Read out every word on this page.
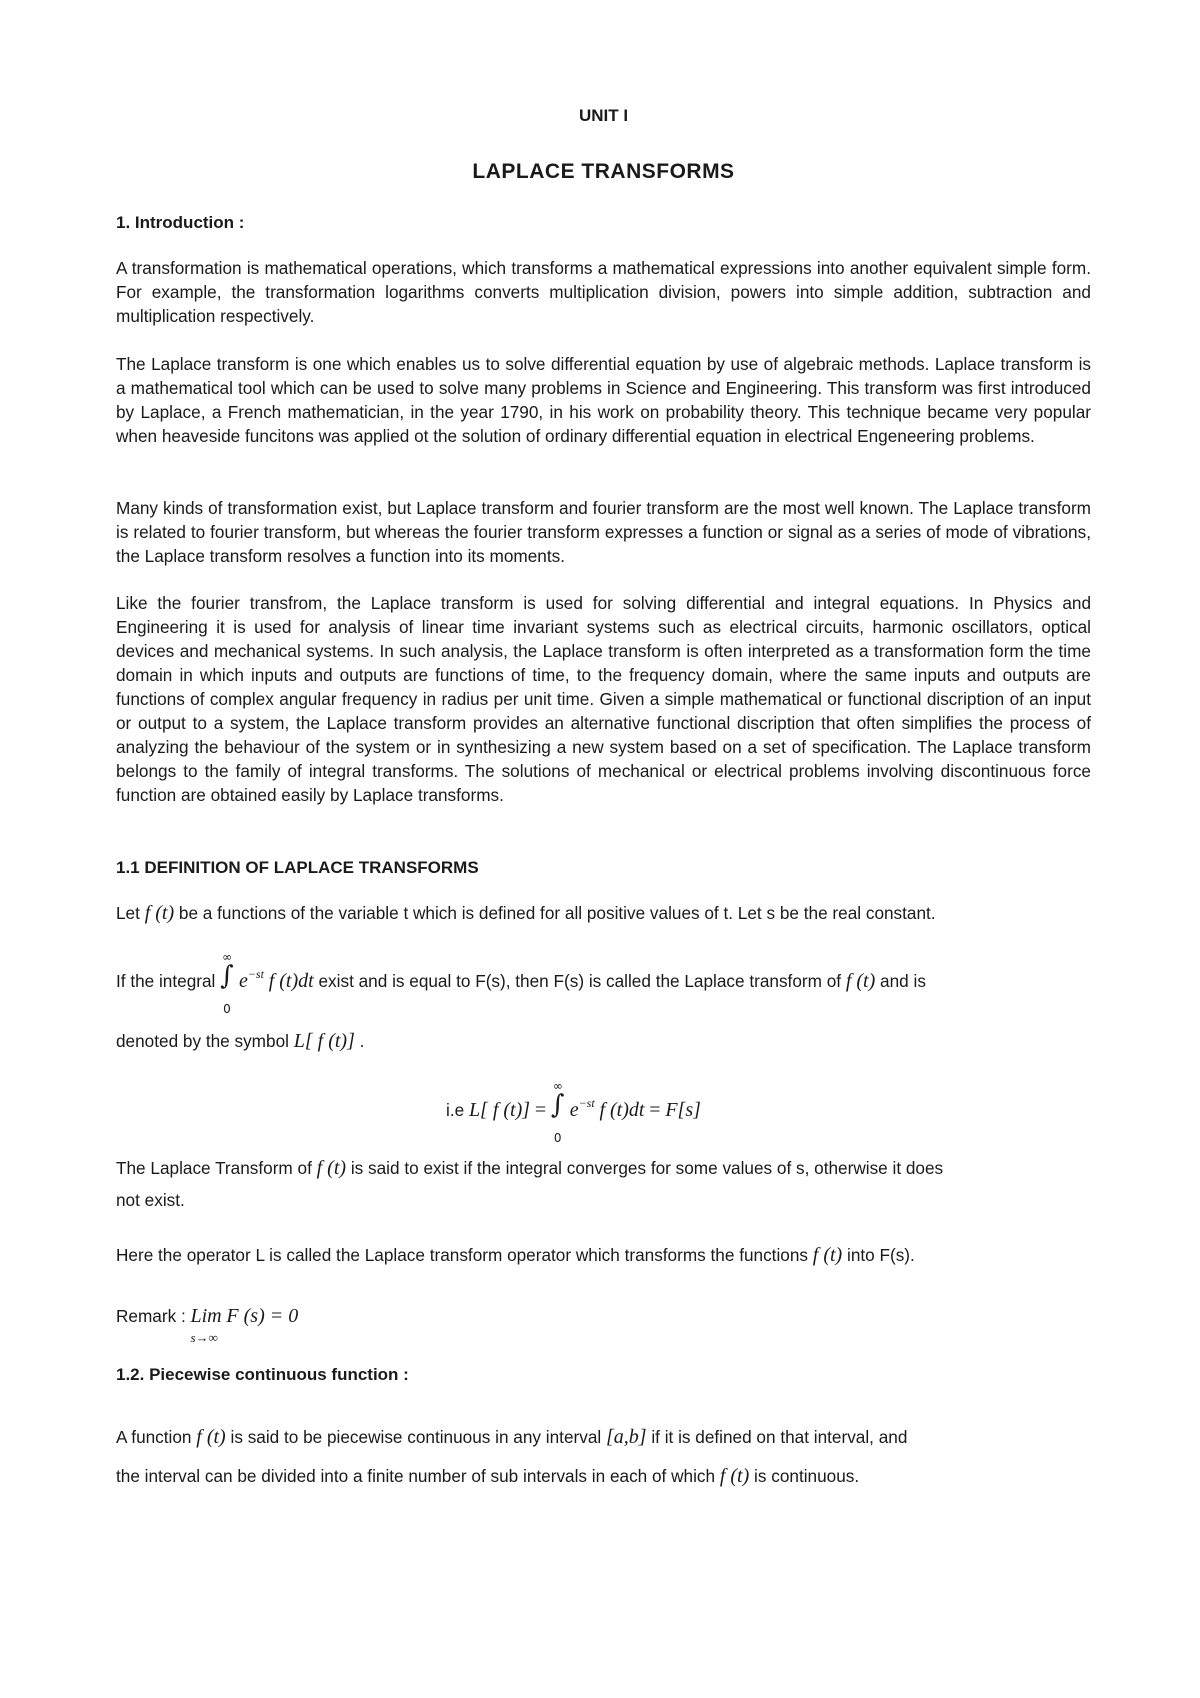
UNIT I
LAPLACE TRANSFORMS
1. Introduction :
A transformation is mathematical operations, which transforms a mathematical expressions into another equivalent simple form. For example, the transformation logarithms converts multiplication division, powers into simple addition, subtraction and multiplication respectively.
The Laplace transform is one which enables us to solve differential equation by use of algebraic methods. Laplace transform is a mathematical tool which can be used to solve many problems in Science and Engineering. This transform was first introduced by Laplace, a French mathematician, in the year 1790, in his work on probability theory. This technique became very popular when heaveside funcitons was applied ot the solution of ordinary differential equation in electrical Engeneering problems.
Many kinds of transformation exist, but Laplace transform and fourier transform are the most well known. The Laplace transform is related to fourier transform, but whereas the fourier transform expresses a function or signal as a series of mode of vibrations, the Laplace transform resolves a function into its moments.
Like the fourier transfrom, the Laplace transform is used for solving differential and integral equations. In Physics and Engineering it is used for analysis of linear time invariant systems such as electrical circuits, harmonic oscillators, optical devices and mechanical systems. In such analysis, the Laplace transform is often interpreted as a transformation form the time domain in which inputs and outputs are functions of time, to the frequency domain, where the same inputs and outputs are functions of complex angular frequency in radius per unit time. Given a simple mathematical or functional discription of an input or output to a system, the Laplace transform provides an alternative functional discription that often simplifies the process of analyzing the behaviour of the system or in synthesizing a new system based on a set of specification. The Laplace transform belongs to the family of integral transforms. The solutions of mechanical or electrical problems involving discontinuous force function are obtained easily by Laplace transforms.
1.1 DEFINITION OF LAPLACE TRANSFORMS
Let f (t) be a functions of the variable t which is defined for all positive values of t. Let s be the real constant.
If the integral ∫
∞
0
$e^{-st}$ f (t)dt exist and is equal to F(s), then F(s) is called the Laplace transform of f (t) and is
denoted by the symbol L[ f (t)] .
i.e L[ f (t)] = ∫
∞
0
$e^{-st}$ f (t)dt = F[s]
The Laplace Transform of f (t) is said to exist if the integral converges for some values of s, otherwise it does
not exist.
Here the operator L is called the Laplace transform operator which transforms the functions f (t) into F(s).
Remark : Lim
s→∞
F (s) = 0
1.2. Piecewise continuous function :
A function f (t) is said to be piecewise continuous in any interval [a,b] if it is defined on that interval, and
the interval can be divided into a finite number of sub intervals in each of which f (t) is continuous.
